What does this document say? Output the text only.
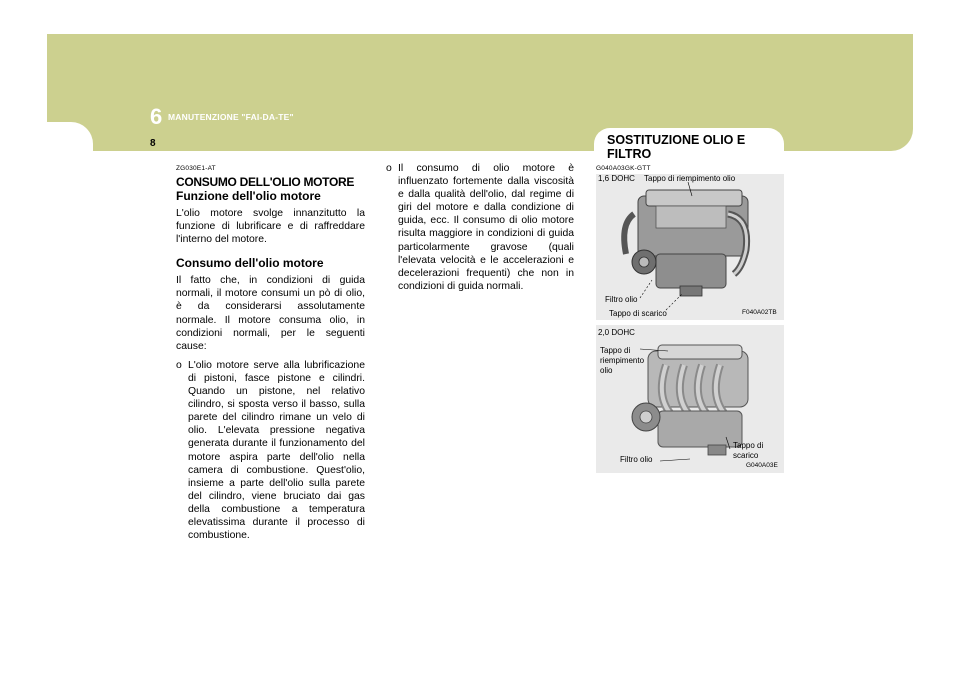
6 MANUTENZIONE "FAI-DA-TE"
8	SOSTITUZIONE OLIO E FILTRO
ZG030E1-AT
CONSUMO DELL'OLIO MOTORE
Funzione dell'olio motore

L'olio motore svolge innanzitutto la funzione di lubrificare e di raffreddare l'interno del motore.

Consumo dell'olio motore

Il fatto che, in condizioni di guida normali, il motore consumi un pò di olio, è da considerarsi assolutamente normale. Il motore consuma olio, in condizioni normali, per le seguenti cause:

o L'olio motore serve alla lubrificazione di pistoni, fasce pistone e cilindri. Quando un pistone, nel relativo cilindro, si sposta verso il basso, sulla parete del cilindro rimane un velo di olio. L'elevata pressione negativa generata durante il funzionamento del motore aspira parte dell'olio nella camera di combustione. Quest'olio, insieme a parte dell'olio sulla parete del cilindro, viene bruciato dai gas della combustione a temperatura elevatissima durante il processo di combustione.
o Il consumo di olio motore è influenzato fortemente dalla viscosità e dalla qualità dell'olio, dal regime di giri del motore e dalla condizione di guida, ecc. Il consumo di olio motore risulta maggiore in condizioni di guida particolarmente gravose (quali l'elevata velocità e le accelerazioni e decelerazioni frequenti) che non in condizioni di guida normali.
G040A03GK-GTT
1,6 DOHC Tappo di riempimento olio
Filtro olio
Tappo di scarico	F040A02TB
2,0 DOHC
Tappo di
riempimento
olio
Filtro olio
Tappo di
scarico
G040A03E
